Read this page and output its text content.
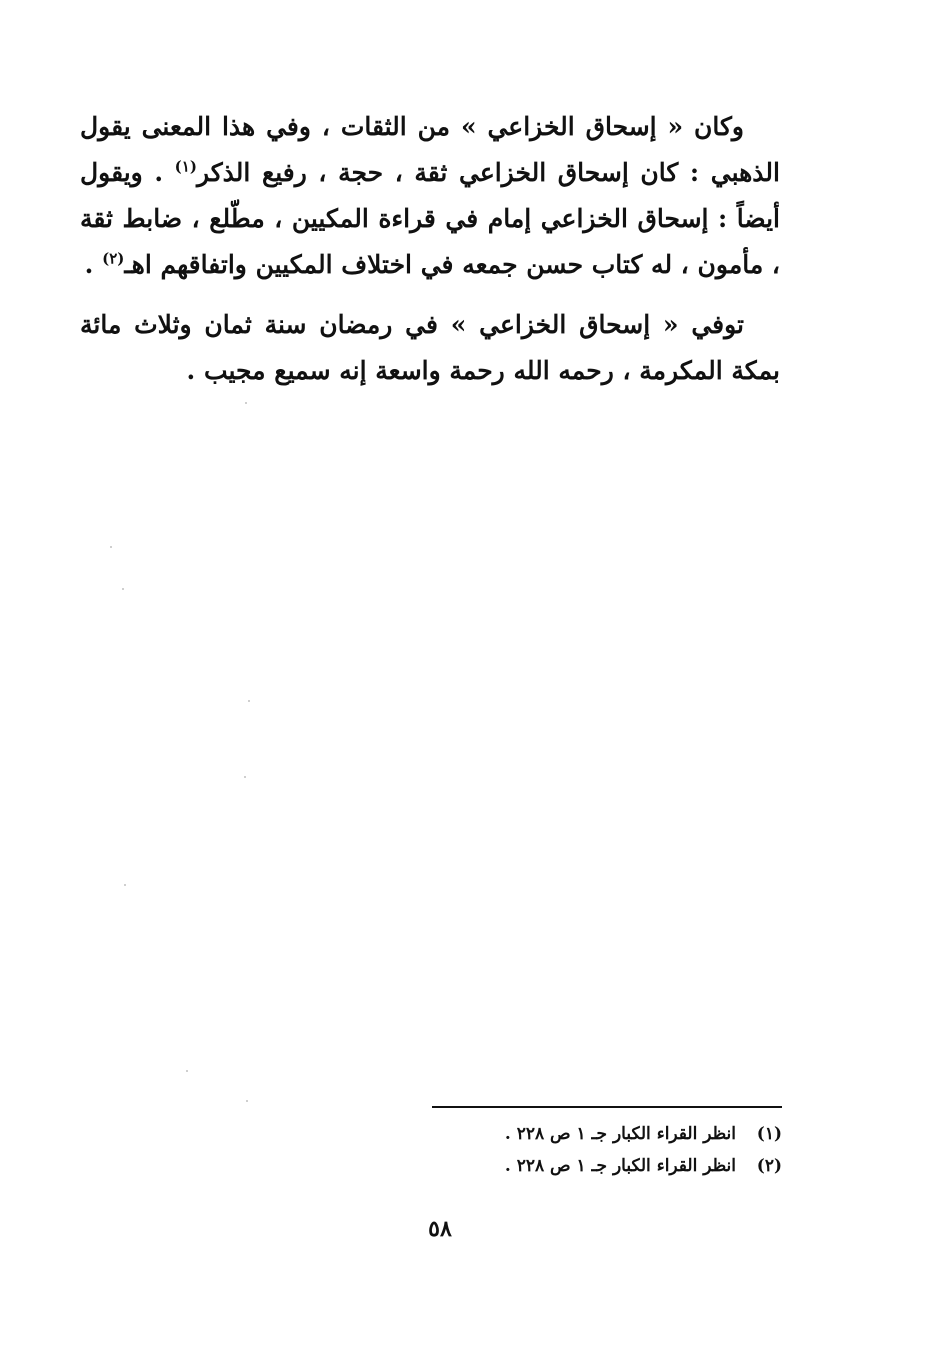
وكان « إسحاق الخزاعي » من الثقات ، وفي هذا المعنى يقول الذهبي : كان إسحاق الخزاعي ثقة ، حجة ، رفيع الذكر$^{(١)}$ . ويقول أيضاً : إسحاق الخزاعي إمام في قراءة المكيين ، مطّلع ، ضابط ثقة ، مأمون ، له كتاب حسن جمعه في اختلاف المكيين واتفاقهم اهـ$^{(٢)}$ .
توفي « إسحاق الخزاعي » في رمضان سنة ثمان وثلاث مائة بمكة المكرمة ، رحمه الله رحمة واسعة إنه سميع مجيب .
(١)انظر القراء الكبار جـ ١ ص ٢٢٨ .
(٢)انظر القراء الكبار جـ ١ ص ٢٢٨ .
٥٨
